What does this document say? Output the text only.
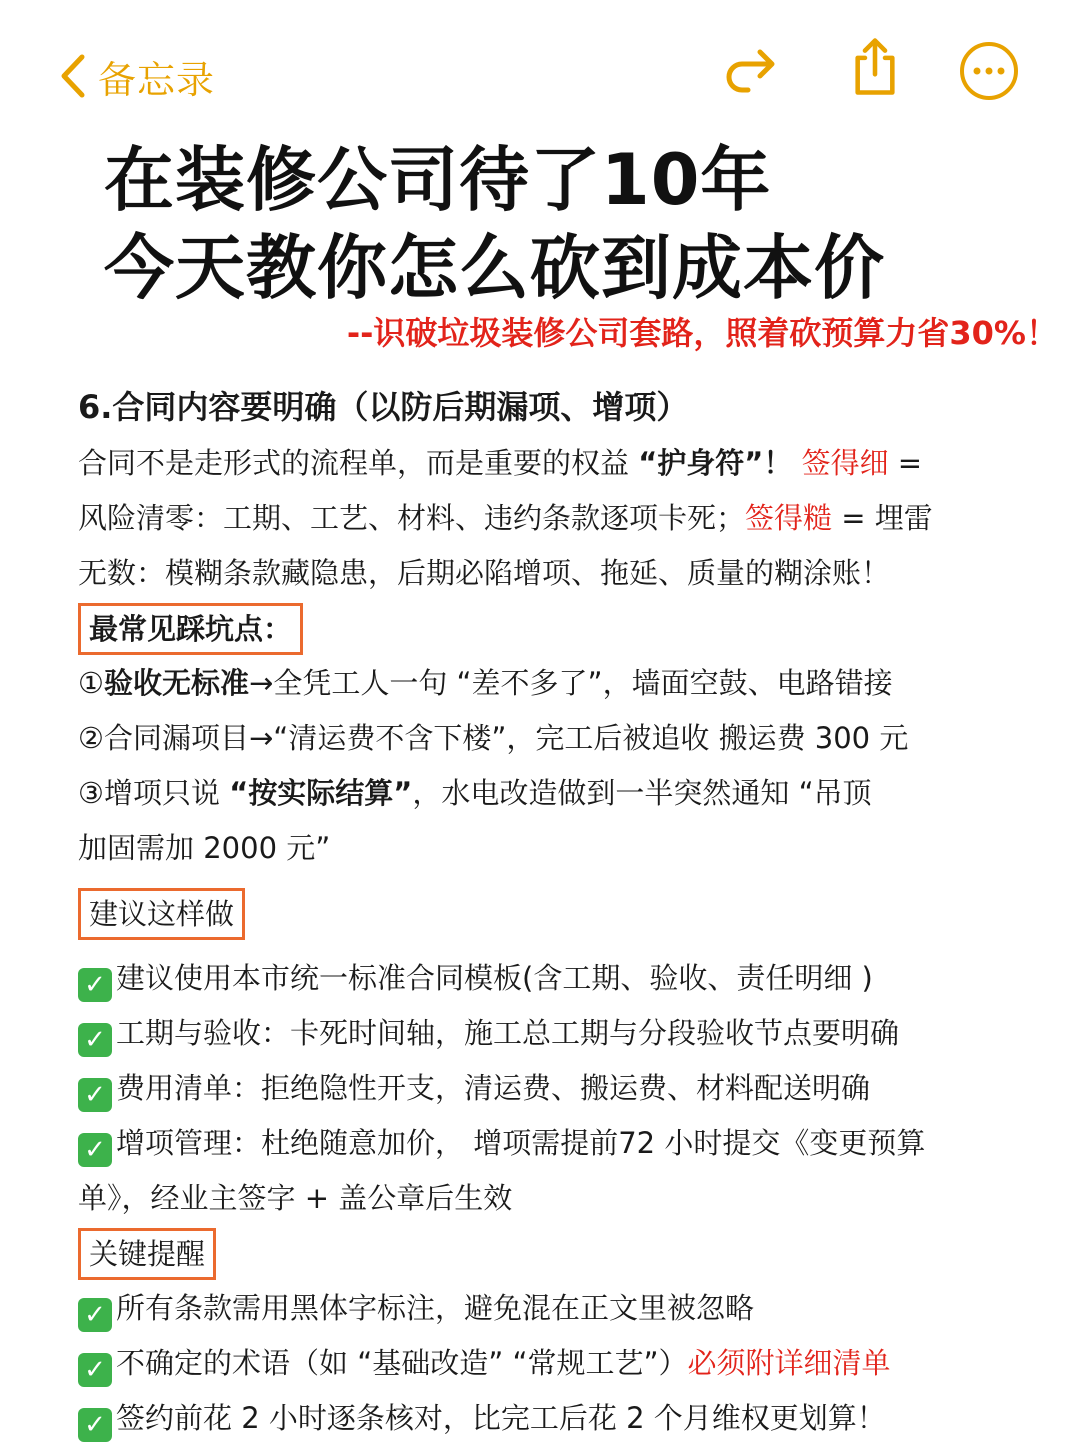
备忘录
在装修公司待了10年
今天教你怎么砍到成本价
--识破垃圾装修公司套路，照着砍预算力省30%！
6.合同内容要明确（以防后期漏项、增项）
合同不是走形式的流程单，而是重要的权益 “护身符”！ 签得细 =
风险清零：工期、工艺、材料、违约条款逐项卡死；签得糙 = 埋雷
无数：模糊条款藏隐患，后期必陷增项、拖延、质量的糊涂账！
最常见踩坑点：
①验收无标准→全凭工人一句 “差不多了”，墙面空鼓、电路错接
②合同漏项目→“清运费不含下楼”，完工后被追收 搬运费 300 元
③增项只说 “按实际结算”，水电改造做到一半突然通知 “吊顶
加固需加 2000 元”
建议这样做
✓ 建议使用本市统一标准合同模板(含工期、验收、责任明细 )
✓ 工期与验收：卡死时间轴，施工总工期与分段验收节点要明确
✓ 费用清单：拒绝隐性开支，清运费、搬运费、材料配送明确
✓ 增项管理：杜绝随意加价， 增项需提前72 小时提交《变更预算
单》，经业主签字 + 盖公章后生效
关键提醒
✓ 所有条款需用黑体字标注，避免混在正文里被忽略
✓ 不确定的术语（如 “基础改造” “常规工艺”）必须附详细清单
✓ 签约前花 2 小时逐条核对，比完工后花 2 个月维权更划算！
